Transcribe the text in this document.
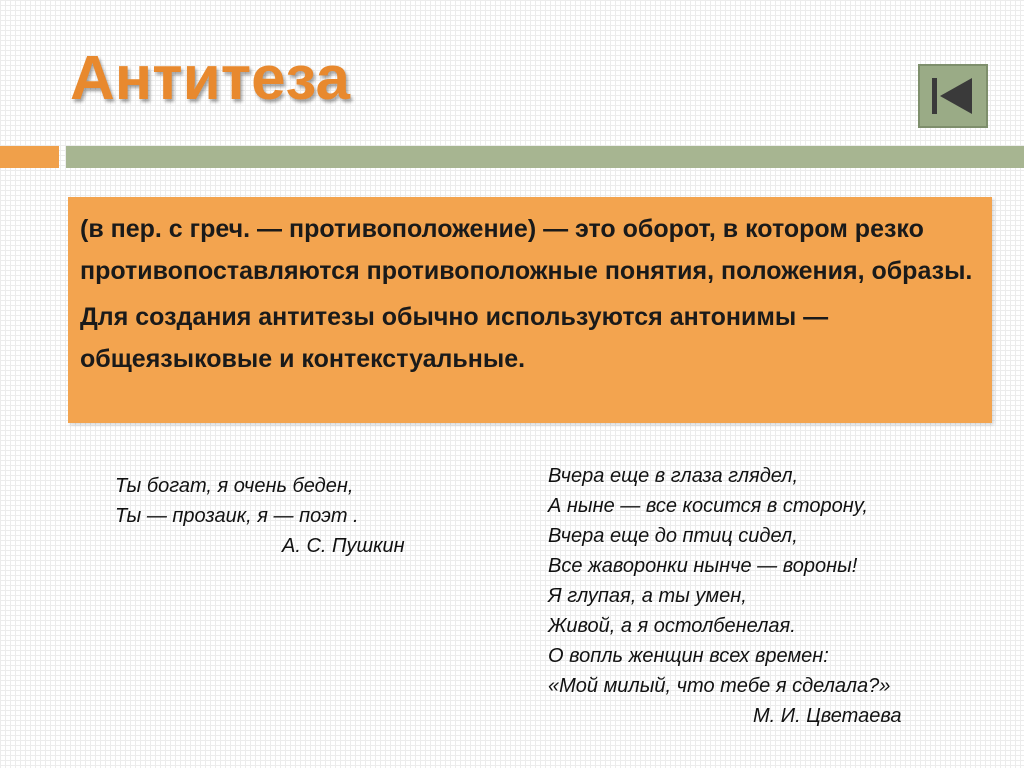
Антитеза

(в пер. с греч. — противоположение) — это оборот, в котором резко противопоставляются противоположные понятия, положения, образы.

Для создания антитезы обычно используются антонимы — общеязыковые и контекстуальные.

Ты богат, я очень беден,
Ты — прозаик, я — поэт .
А. С. Пушкин
Вчера еще в глаза глядел,
А ныне — все косится в сторону,
Вчера еще до птиц сидел,
Все жаворонки нынче — вороны!
Я глупая, а ты умен,
Живой, а я остолбенелая.
О вопль женщин всех времен:
«Мой милый, что тебе я сделала?»
М. И. Цветаева
